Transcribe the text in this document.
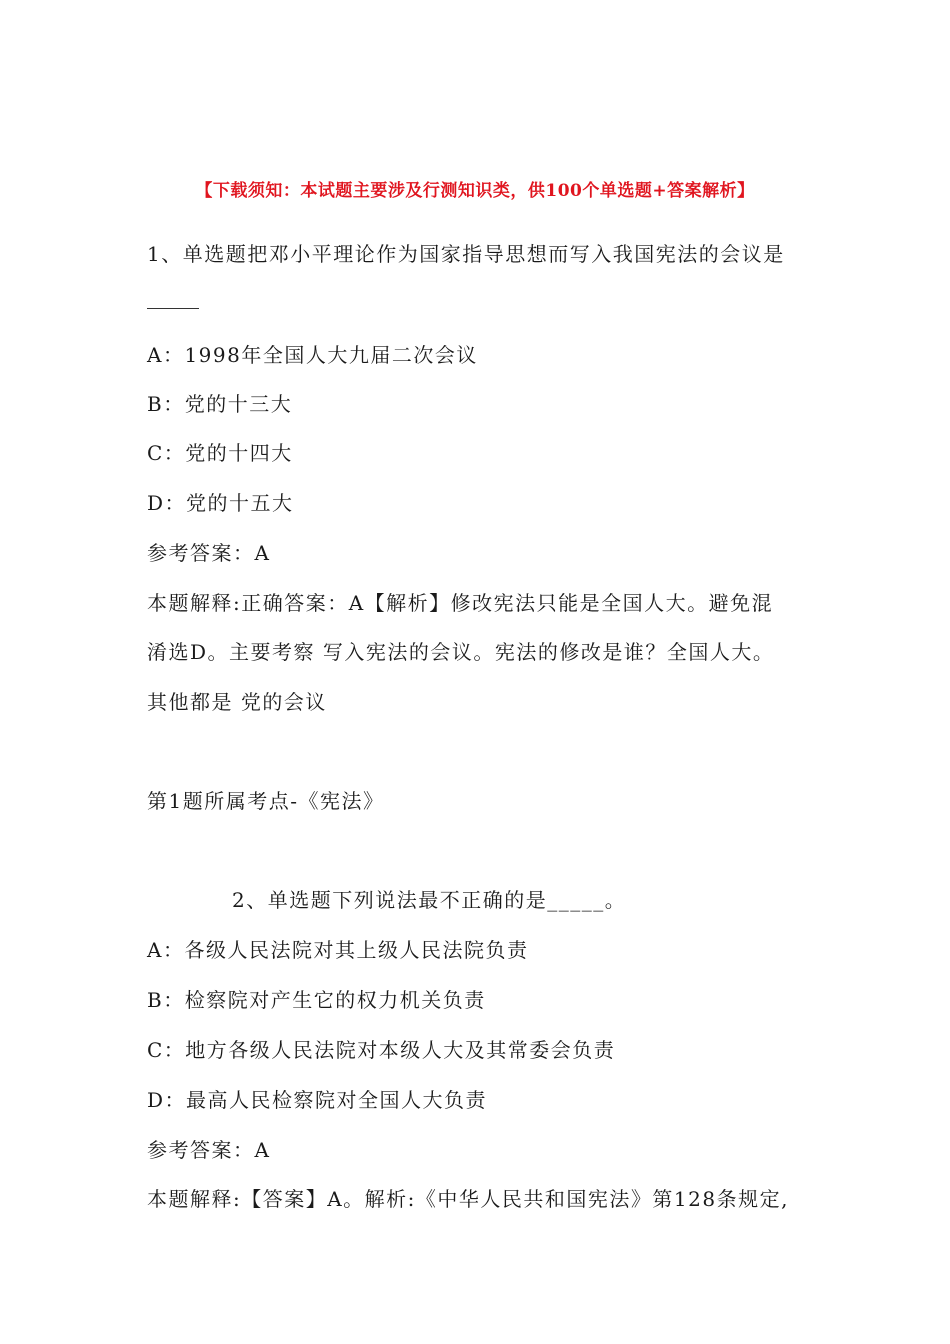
【下载须知：本试题主要涉及行测知识类，供100个单选题+答案解析】
1、单选题把邓小平理论作为国家指导思想而写入我国宪法的会议是
A：1998年全国人大九届二次会议
B：党的十三大
C：党的十四大
D：党的十五大
参考答案：A
本题解释:正确答案：A【解析】修改宪法只能是全国人大。避免混
淆选D。主要考察 写入宪法的会议。宪法的修改是谁？全国人大。
其他都是 党的会议
第1题所属考点-《宪法》
2、单选题下列说法最不正确的是_____。
A：各级人民法院对其上级人民法院负责
B：检察院对产生它的权力机关负责
C：地方各级人民法院对本级人大及其常委会负责
D：最高人民检察院对全国人大负责
参考答案：A
本题解释:【答案】A。解析:《中华人民共和国宪法》第128条规定,
